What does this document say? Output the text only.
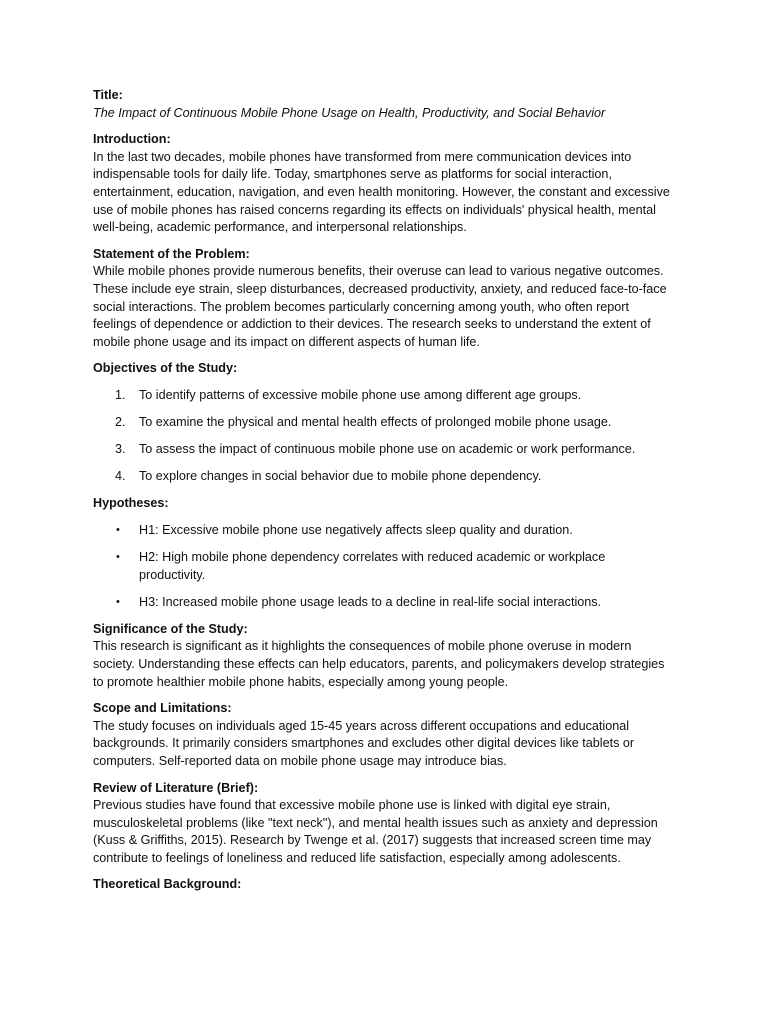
Title:

The Impact of Continuous Mobile Phone Usage on Health, Productivity, and Social Behavior

Introduction:

In the last two decades, mobile phones have transformed from mere communication devices into indispensable tools for daily life. Today, smartphones serve as platforms for social interaction, entertainment, education, navigation, and even health monitoring. However, the constant and excessive use of mobile phones has raised concerns regarding its effects on individuals' physical health, mental well-being, academic performance, and interpersonal relationships.

Statement of the Problem:

While mobile phones provide numerous benefits, their overuse can lead to various negative outcomes. These include eye strain, sleep disturbances, decreased productivity, anxiety, and reduced face-to-face social interactions. The problem becomes particularly concerning among youth, who often report feelings of dependence or addiction to their devices. The research seeks to understand the extent of mobile phone usage and its impact on different aspects of human life.

Objectives of the Study:

1. To identify patterns of excessive mobile phone use among different age groups.
2. To examine the physical and mental health effects of prolonged mobile phone usage.
3. To assess the impact of continuous mobile phone use on academic or work performance.
4. To explore changes in social behavior due to mobile phone dependency.

Hypotheses:

• H1: Excessive mobile phone use negatively affects sleep quality and duration.
• H2: High mobile phone dependency correlates with reduced academic or workplace productivity.
• H3: Increased mobile phone usage leads to a decline in real-life social interactions.

Significance of the Study:

This research is significant as it highlights the consequences of mobile phone overuse in modern society. Understanding these effects can help educators, parents, and policymakers develop strategies to promote healthier mobile phone habits, especially among young people.

Scope and Limitations:

The study focuses on individuals aged 15-45 years across different occupations and educational backgrounds. It primarily considers smartphones and excludes other digital devices like tablets or computers. Self-reported data on mobile phone usage may introduce bias.

Review of Literature (Brief):

Previous studies have found that excessive mobile phone use is linked with digital eye strain, musculoskeletal problems (like "text neck"), and mental health issues such as anxiety and depression (Kuss & Griffiths, 2015). Research by Twenge et al. (2017) suggests that increased screen time may contribute to feelings of loneliness and reduced life satisfaction, especially among adolescents.

Theoretical Background:
